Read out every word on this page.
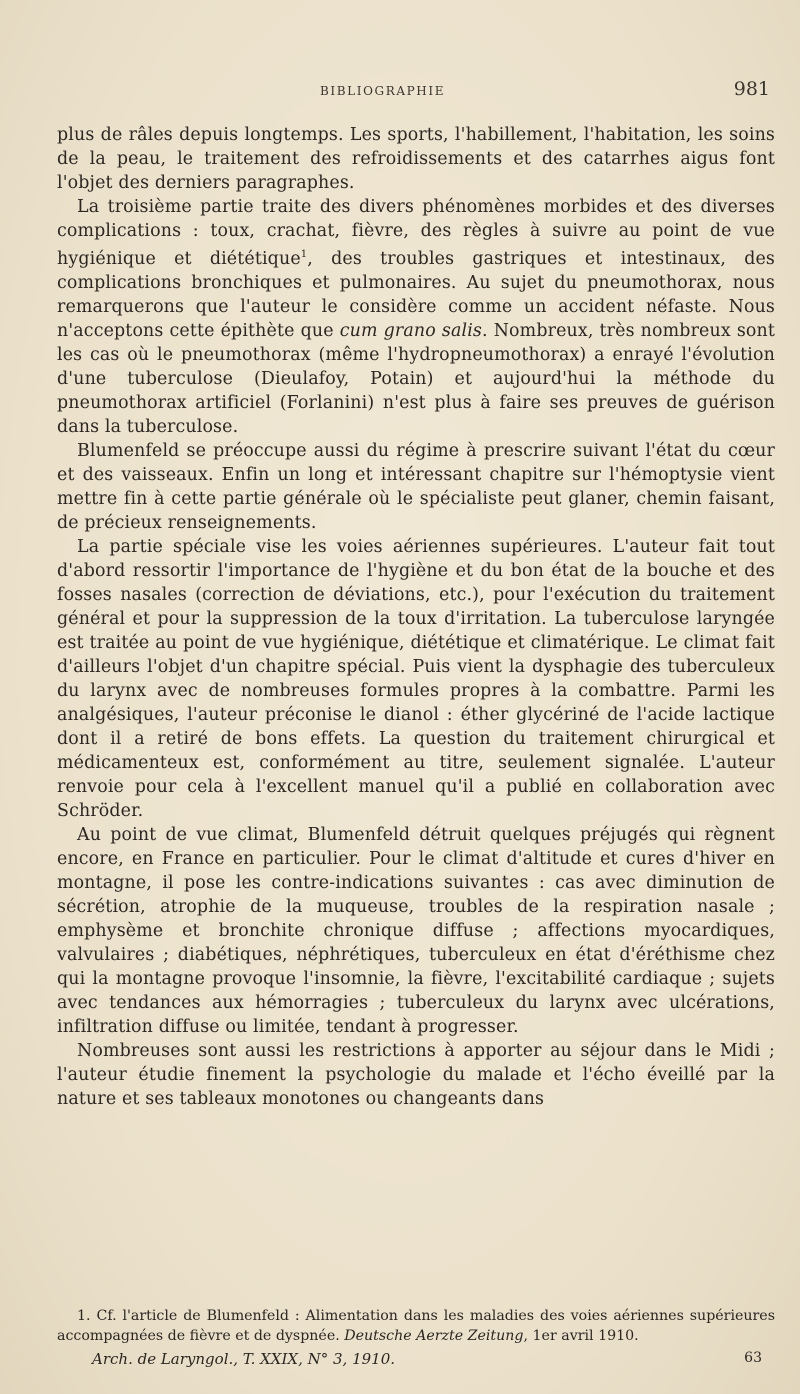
BIBLIOGRAPHIE	981

plus de râles depuis longtemps. Les sports, l'habillement, l'habitation, les soins de la peau, le traitement des refroidissements et des catarrhes aigus font l'objet des derniers paragraphes.

La troisième partie traite des divers phénomènes morbides et des diverses complications : toux, crachat, fièvre, des règles à suivre au point de vue hygiénique et diététique$^1$, des troubles gastriques et intestinaux, des complications bronchiques et pulmonaires. Au sujet du pneumothorax, nous remarquerons que l'auteur le considère comme un accident néfaste. Nous n'acceptons cette épithète que cum grano salis. Nombreux, très nombreux sont les cas où le pneumothorax (même l'hydropneumothorax) a enrayé l'évolution d'une tuberculose (Dieulafoy, Potain) et aujourd'hui la méthode du pneumothorax artificiel (Forlanini) n'est plus à faire ses preuves de guérison dans la tuberculose.

Blumenfeld se préoccupe aussi du régime à prescrire suivant l'état du cœur et des vaisseaux. Enfin un long et intéressant chapitre sur l'hémoptysie vient mettre fin à cette partie générale où le spécialiste peut glaner, chemin faisant, de précieux renseignements.

La partie spéciale vise les voies aériennes supérieures. L'auteur fait tout d'abord ressortir l'importance de l'hygiène et du bon état de la bouche et des fosses nasales (correction de déviations, etc.), pour l'exécution du traitement général et pour la suppression de la toux d'irritation. La tuberculose laryngée est traitée au point de vue hygiénique, diététique et climatérique. Le climat fait d'ailleurs l'objet d'un chapitre spécial. Puis vient la dysphagie des tuberculeux du larynx avec de nombreuses formules propres à la combattre. Parmi les analgésiques, l'auteur préconise le dianol : éther glycériné de l'acide lactique dont il a retiré de bons effets. La question du traitement chirurgical et médicamenteux est, conformément au titre, seulement signalée. L'auteur renvoie pour cela à l'excellent manuel qu'il a publié en collaboration avec Schröder.

Au point de vue climat, Blumenfeld détruit quelques préjugés qui règnent encore, en France en particulier. Pour le climat d'altitude et cures d'hiver en montagne, il pose les contre-indications suivantes : cas avec diminution de sécrétion, atrophie de la muqueuse, troubles de la respiration nasale ; emphysème et bronchite chronique diffuse ; affections myocardiques, valvulaires ; diabétiques, néphrétiques, tuberculeux en état d'éréthisme chez qui la montagne provoque l'insomnie, la fièvre, l'excitabilité cardiaque ; sujets avec tendances aux hémorragies ; tuberculeux du larynx avec ulcérations, infiltration diffuse ou limitée, tendant à progresser.

Nombreuses sont aussi les restrictions à apporter au séjour dans le Midi ; l'auteur étudie finement la psychologie du malade et l'écho éveillé par la nature et ses tableaux monotones ou changeants dans

1. Cf. l'article de Blumenfeld : Alimentation dans les maladies des voies aériennes supérieures accompagnées de fièvre et de dyspnée. Deutsche Aerzte Zeitung, 1er avril 1910.

Arch. de Laryngol., T. XXIX, N° 3, 1910.	63
